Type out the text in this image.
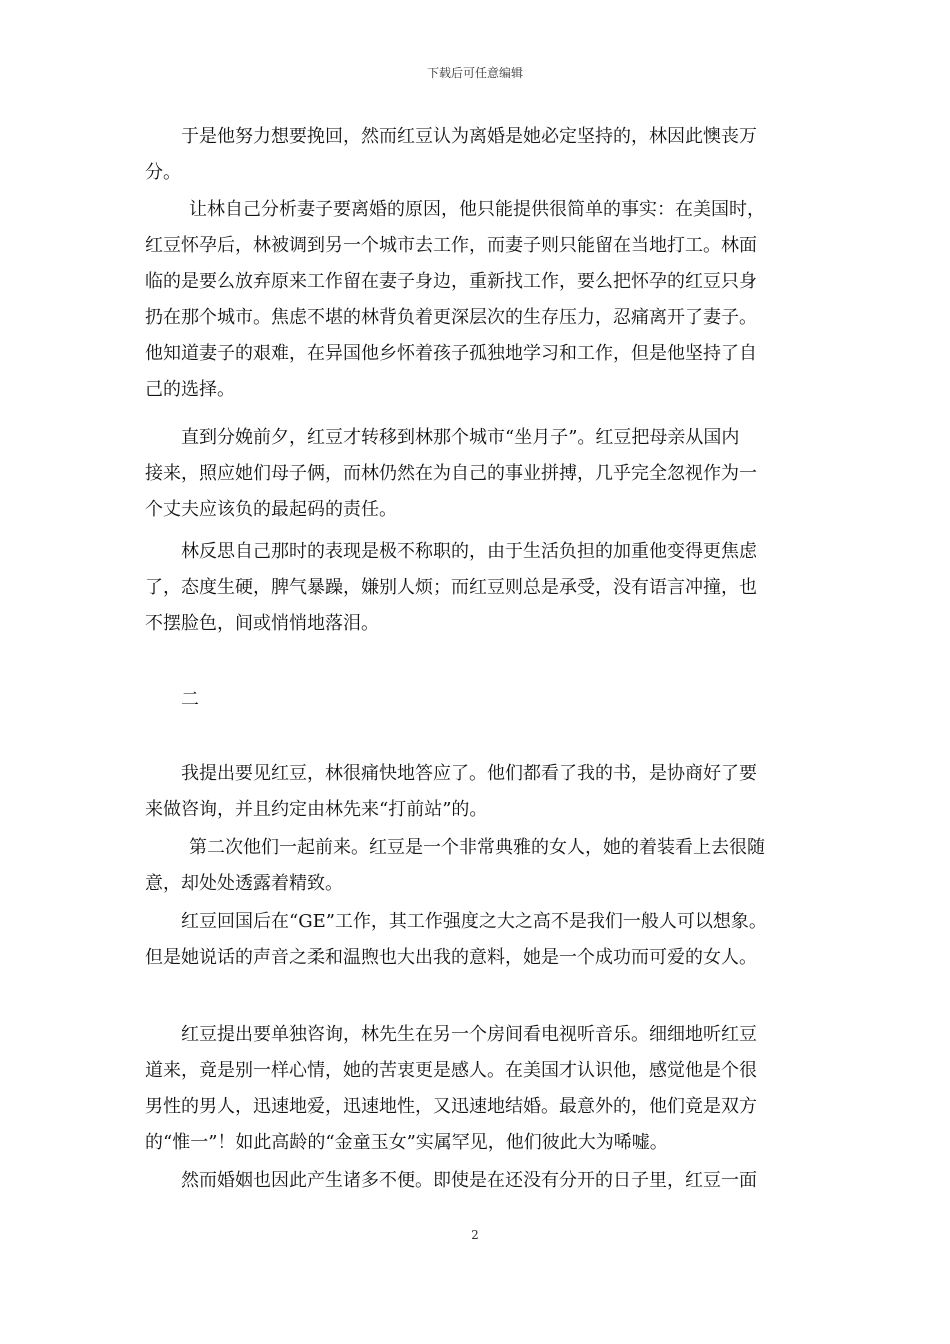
下载后可任意编辑

于是他努力想要挽回，然而红豆认为离婚是她必定坚持的，林因此懊丧万
分。

让林自己分析妻子要离婚的原因，他只能提供很简单的事实：在美国时，
红豆怀孕后，林被调到另一个城市去工作，而妻子则只能留在当地打工。林面
临的是要么放弃原来工作留在妻子身边，重新找工作，要么把怀孕的红豆只身
扔在那个城市。焦虑不堪的林背负着更深层次的生存压力，忍痛离开了妻子。
他知道妻子的艰难，在异国他乡怀着孩子孤独地学习和工作，但是他坚持了自
己的选择。

直到分娩前夕，红豆才转移到林那个城市“坐月子”。红豆把母亲从国内
接来，照应她们母子俩，而林仍然在为自己的事业拼搏，几乎完全忽视作为一
个丈夫应该负的最起码的责任。

林反思自己那时的表现是极不称职的，由于生活负担的加重他变得更焦虑
了，态度生硬，脾气暴躁，嫌别人烦；而红豆则总是承受，没有语言冲撞，也
不摆脸色，间或悄悄地落泪。

二

我提出要见红豆，林很痛快地答应了。他们都看了我的书，是协商好了要
来做咨询，并且约定由林先来“打前站”的。

第二次他们一起前来。红豆是一个非常典雅的女人，她的着装看上去很随
意，却处处透露着精致。

红豆回国后在“GE”工作，其工作强度之大之高不是我们一般人可以想象。
但是她说话的声音之柔和温煦也大出我的意料，她是一个成功而可爱的女人。

红豆提出要单独咨询，林先生在另一个房间看电视听音乐。细细地听红豆
道来，竟是别一样心情，她的苦衷更是感人。在美国才认识他，感觉他是个很
男性的男人，迅速地爱，迅速地性，又迅速地结婚。最意外的，他们竟是双方
的“惟一”！如此高龄的“金童玉女”实属罕见，他们彼此大为唏嘘。

然而婚姻也因此产生诸多不便。即使是在还没有分开的日子里，红豆一面

2
